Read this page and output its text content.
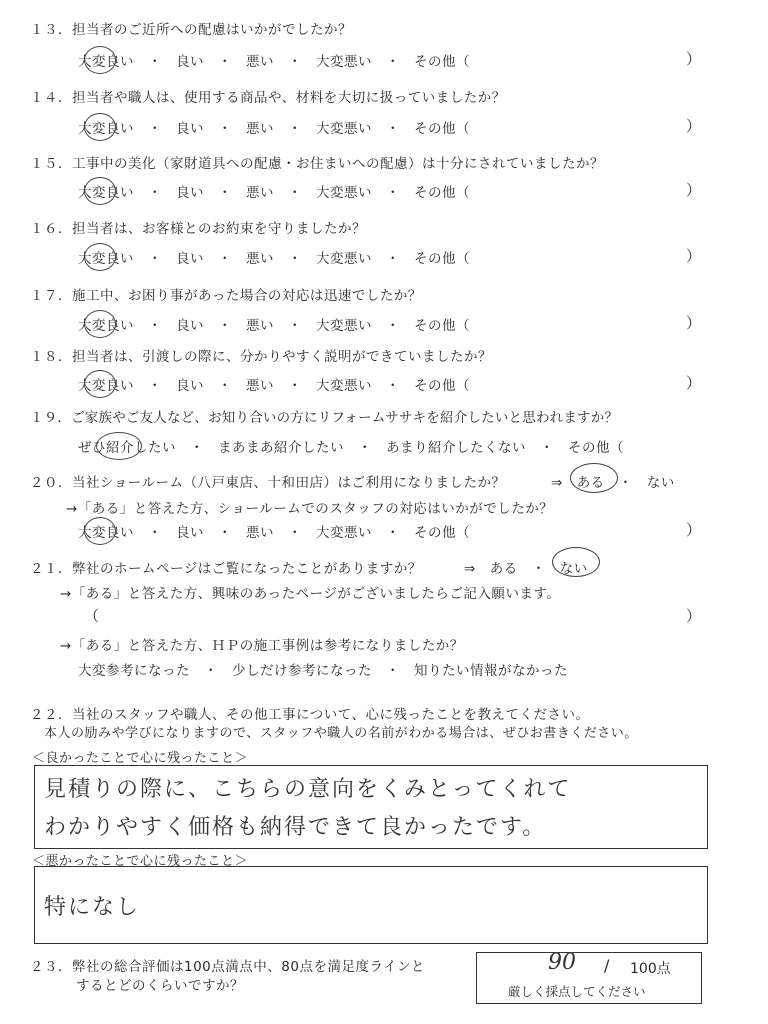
１３．担当者のご近所への配慮はいかがでしたか？
大変良い　・　良い　・　悪い　・　大変悪い　・　その他（	）
１４．担当者や職人は、使用する商品や、材料を大切に扱っていましたか？
大変良い　・　良い　・　悪い　・　大変悪い　・　その他（	）
１５．工事中の美化（家財道具への配慮・お住まいへの配慮）は十分にされていましたか？
大変良い　・　良い　・　悪い　・　大変悪い　・　その他（	）
１６．担当者は、お客様とのお約束を守りましたか？
大変良い　・　良い　・　悪い　・　大変悪い　・　その他（	）
１７．施工中、お困り事があった場合の対応は迅速でしたか？
大変良い　・　良い　・　悪い　・　大変悪い　・　その他（	）
１８．担当者は、引渡しの際に、分かりやすく説明ができていましたか？
大変良い　・　良い　・　悪い　・　大変悪い　・　その他（	）
１９．ご家族やご友人など、お知り合いの方にリフォームササキを紹介したいと思われますか？
ぜひ紹介したい　・　まあまあ紹介したい　・　あまり紹介したくない　・　その他（
２０．当社ショールーム（八戸東店、十和田店）はご利用になりましたか？	⇒　ある　・　ない
→「ある」と答えた方、ショールームでのスタッフの対応はいかがでしたか？
大変良い　・　良い　・　悪い　・　大変悪い　・　その他（	）
２１．弊社のホームページはご覧になったことがありますか？	⇒　ある　・　ない
→「ある」と答えた方、興味のあったページがございましたらご記入願います。
（	）
→「ある」と答えた方、ＨＰの施工事例は参考になりましたか？
大変参考になった　・　少しだけ参考になった　・　知りたい情報がなかった
２２．当社のスタッフや職人、その他工事について、心に残ったことを教えてください。
本人の励みや学びになりますので、スタッフや職人の名前がわかる場合は、ぜひお書きください。
＜良かったことで心に残ったこと＞
見積りの際に、こちらの意向をくみとってくれて
わかりやすく価格も納得できて良かったです。
＜悪かったことで心に残ったこと＞
特になし
２３．弊社の総合評価は100点満点中、80点を満足度ラインと
するとどのくらいですか？
90 / 100点
厳しく採点してください
